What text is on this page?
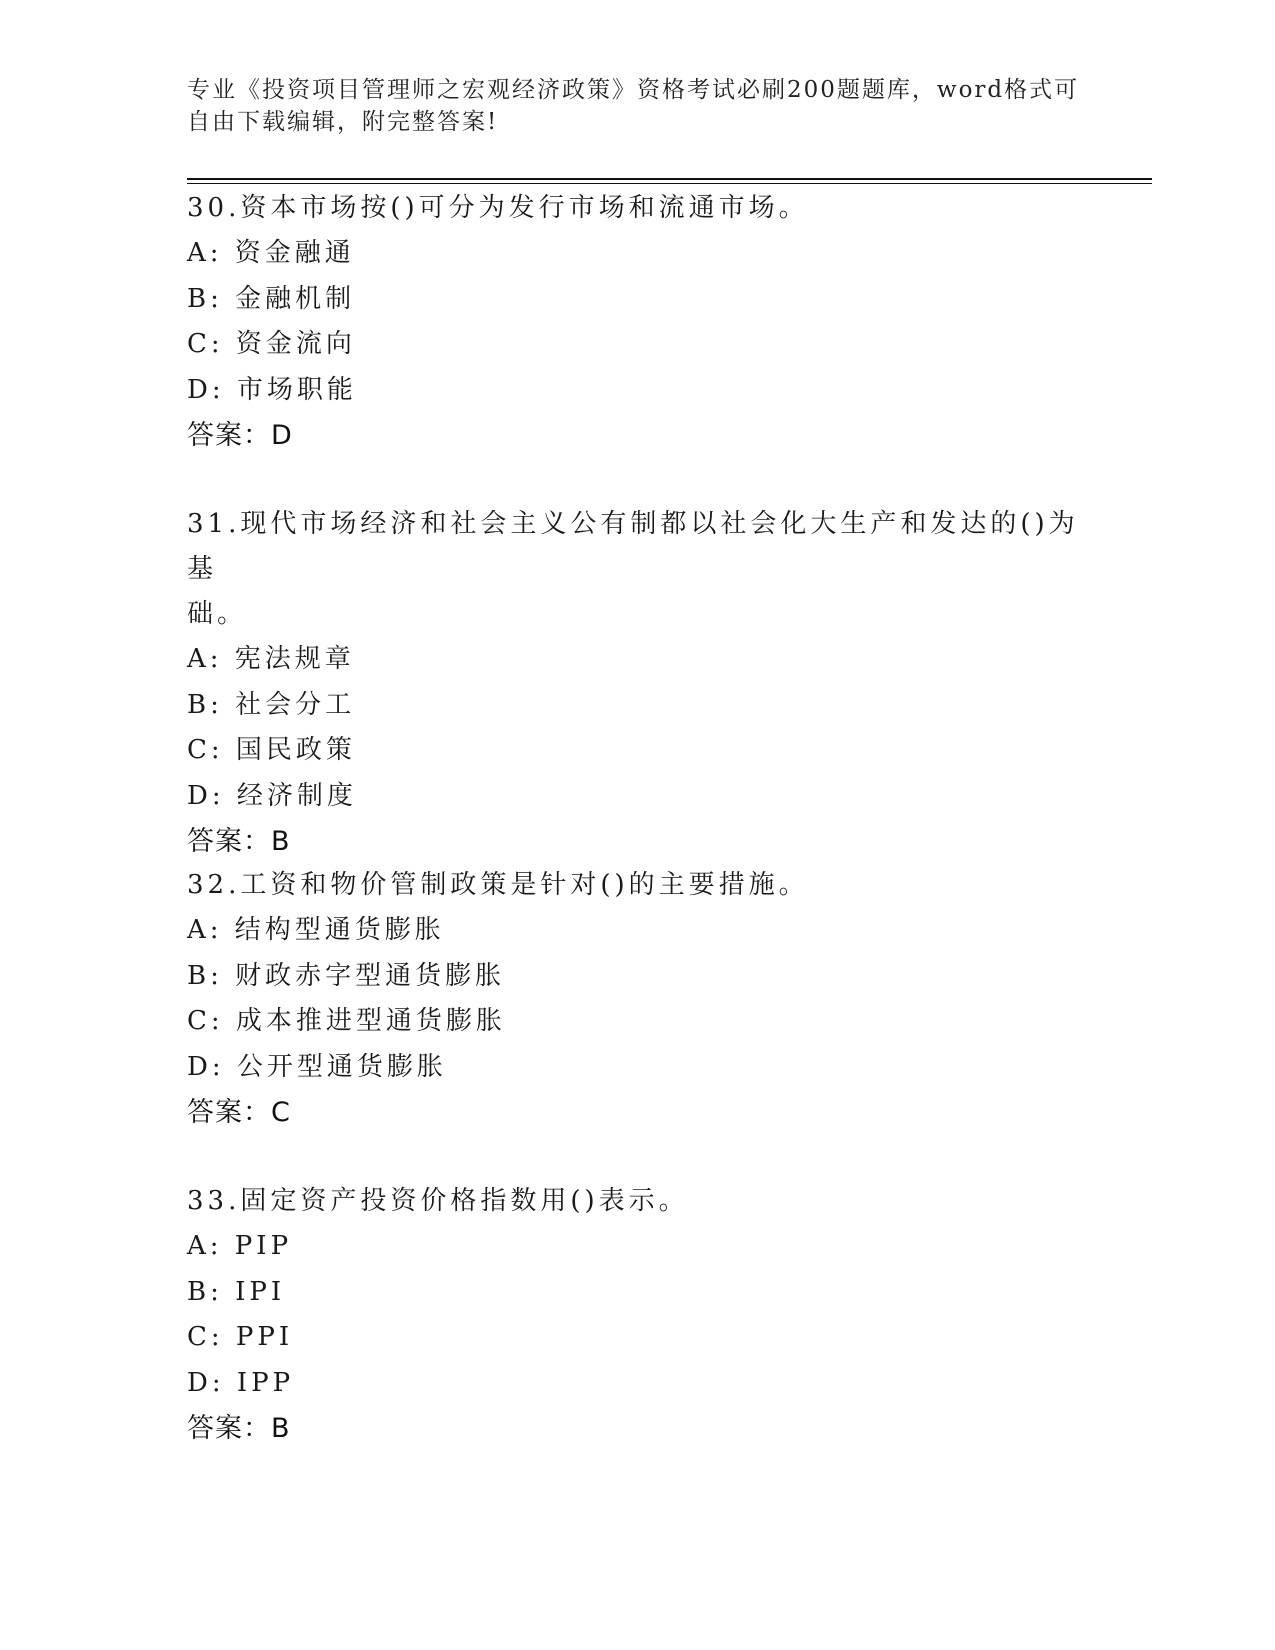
专业《投资项目管理师之宏观经济政策》资格考试必刷200题题库，word格式可
自由下载编辑，附完整答案!

30.资本市场按()可分为发行市场和流通市场。

A: 资金融通

B: 金融机制

C: 资金流向

D: 市场职能

答案：D

31.现代市场经济和社会主义公有制都以社会化大生产和发达的()为基

础。

A: 宪法规章

B: 社会分工

C: 国民政策

D: 经济制度

答案：B

32.工资和物价管制政策是针对()的主要措施。

A: 结构型通货膨胀

B: 财政赤字型通货膨胀

C: 成本推进型通货膨胀

D: 公开型通货膨胀

答案：C

33.固定资产投资价格指数用()表示。

A: PIP

B: IPI

C: PPI

D: IPP

答案：B
